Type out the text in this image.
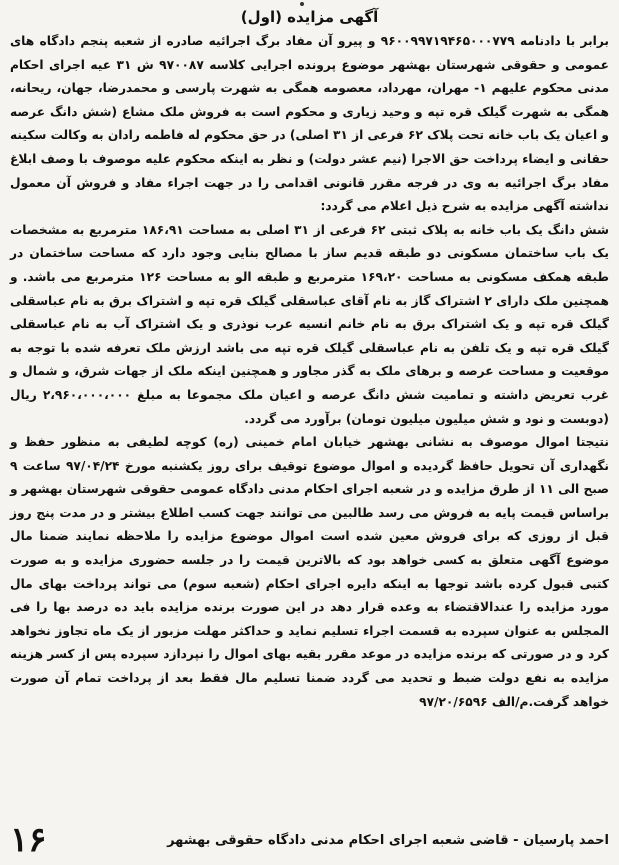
آگهی مزایده (اول)

برابر با دادنامه ۹۶۰۰۹۹۷۱۹۴۶۵۰۰۰۷۷۹ و پیرو آن مفاد برگ اجرائیه صادره از شعبه پنجم دادگاه های عمومی و حقوقی شهرستان بهشهر موضوع پرونده اجرایی کلاسه ۹۷۰۰۸۷ ش ۳۱ عیه اجرای احکام مدنی محکوم علیهم ۱- مهران، مهرداد، معصومه همگی به شهرت پارسی و محمدرضا، جهان، ریحانه، همگی به شهرت گیلک قره تپه و وحید زیاری و محکوم است به فروش ملک مشاع (شش دانگ عرصه و اعیان یک باب خانه تحت پلاک ۶۲ فرعی از ۳۱ اصلی) در حق محکوم له فاطمه رادان به وکالت سکینه حقانی و ایضاء پرداخت حق الاجرا (نیم عشر دولت) و نظر به اینکه محکوم علیه موصوف با وصف ابلاغ مفاد برگ اجرائیه به وی در فرجه مقرر قانونی اقدامی را در جهت اجراء مفاد و فروش آن معمول نداشته آگهی مزایده به شرح ذیل اعلام می گردد:

شش دانگ یک باب خانه به پلاک ثبتی ۶۲ فرعی از ۳۱ اصلی به مساحت ۱۸۶،۹۱ مترمربع به مشخصات یک باب ساختمان مسکونی دو طبقه قدیم ساز با مصالح بنایی وجود دارد که مساحت ساختمان در طبقه همکف مسکونی به مساحت ۱۶۹،۲۰ مترمربع و طبقه الو به مساحت ۱۲۶ مترمربع می باشد. و همچنین ملک دارای ۲ اشتراک گاز به نام آقای عباسقلی گیلک قره تپه و اشتراک برق به نام عباسقلی گیلک قره تپه و یک اشتراک برق به نام خانم انسیه عرب نوذری و یک اشتراک آب به نام عباسقلی گیلک قره تپه و یک تلفن به نام عباسقلی گیلک قره تپه می باشد ارزش ملک تعرفه شده با توجه به موقعیت و مساحت عرصه و برهای ملک به گذر مجاور و همچنین اینکه ملک از جهات شرق، و شمال و غرب تعریض داشته و تمامیت شش دانگ عرصه و اعیان ملک مجموعا به مبلغ ۲،۹۶۰،۰۰۰،۰۰۰ ریال (دوبست و نود و شش میلیون میلیون تومان) برآورد می گردد.

نتیجتا اموال موصوف به نشانی بهشهر خیابان امام خمینی (ره) کوچه لطیفی به منظور حفظ و نگهداری آن تحویل حافظ گردیده و اموال موضوع توقیف برای روز یکشنبه مورخ ۹۷/۰۴/۲۴ ساعت ۹ صبح الی ۱۱ از طرق مزایده و در شعبه اجرای احکام مدنی دادگاه عمومی حقوقی شهرستان بهشهر و براساس قیمت پایه به فروش می رسد طالبین می توانند جهت کسب اطلاع بیشتر و در مدت پنج روز قبل از روزی که برای فروش معین شده است اموال موضوع مزایده را ملاحظه نمایند ضمنا مال موضوع آگهی متعلق به کسی خواهد بود که بالاترین قیمت را در جلسه حضوری مزایده و به صورت کتبی قبول کرده باشد توجها به اینکه دایره اجرای احکام (شعبه سوم) می تواند پرداخت بهای مال مورد مزایده را عندالاقتضاء به وعده قرار دهد در این صورت برنده مزایده باید ده درصد بها را فی المجلس به عنوان سپرده به قسمت اجراء تسلیم نماید و حداکثر مهلت مزبور از یک ماه تجاوز نخواهد کرد و در صورتی که برنده مزایده در موعد مقرر بقیه بهای اموال را نپردازد سپرده پس از کسر هزینه مزایده به نفع دولت ضبط و تحدید می گردد ضمنا تسلیم مال فقط بعد از پرداخت تمام آن صورت خواهد گرفت.م/الف ۹۷/۲۰/۶۵۹۶

احمد پارسیان - قاضی شعبه اجرای احکام مدنی دادگاه حقوقی بهشهر
۱۶
